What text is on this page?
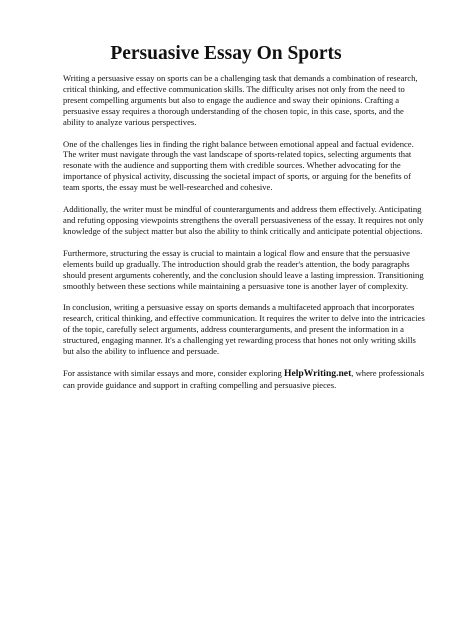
Persuasive Essay On Sports

Writing a persuasive essay on sports can be a challenging task that demands a combination of research, critical thinking, and effective communication skills. The difficulty arises not only from the need to present compelling arguments but also to engage the audience and sway their opinions. Crafting a persuasive essay requires a thorough understanding of the chosen topic, in this case, sports, and the ability to analyze various perspectives.

One of the challenges lies in finding the right balance between emotional appeal and factual evidence. The writer must navigate through the vast landscape of sports-related topics, selecting arguments that resonate with the audience and supporting them with credible sources. Whether advocating for the importance of physical activity, discussing the societal impact of sports, or arguing for the benefits of team sports, the essay must be well-researched and cohesive.

Additionally, the writer must be mindful of counterarguments and address them effectively. Anticipating and refuting opposing viewpoints strengthens the overall persuasiveness of the essay. It requires not only knowledge of the subject matter but also the ability to think critically and anticipate potential objections.

Furthermore, structuring the essay is crucial to maintain a logical flow and ensure that the persuasive elements build up gradually. The introduction should grab the reader's attention, the body paragraphs should present arguments coherently, and the conclusion should leave a lasting impression. Transitioning smoothly between these sections while maintaining a persuasive tone is another layer of complexity.

In conclusion, writing a persuasive essay on sports demands a multifaceted approach that incorporates research, critical thinking, and effective communication. It requires the writer to delve into the intricacies of the topic, carefully select arguments, address counterarguments, and present the information in a structured, engaging manner. It's a challenging yet rewarding process that hones not only writing skills but also the ability to influence and persuade.

For assistance with similar essays and more, consider exploring HelpWriting.net, where professionals can provide guidance and support in crafting compelling and persuasive pieces.
